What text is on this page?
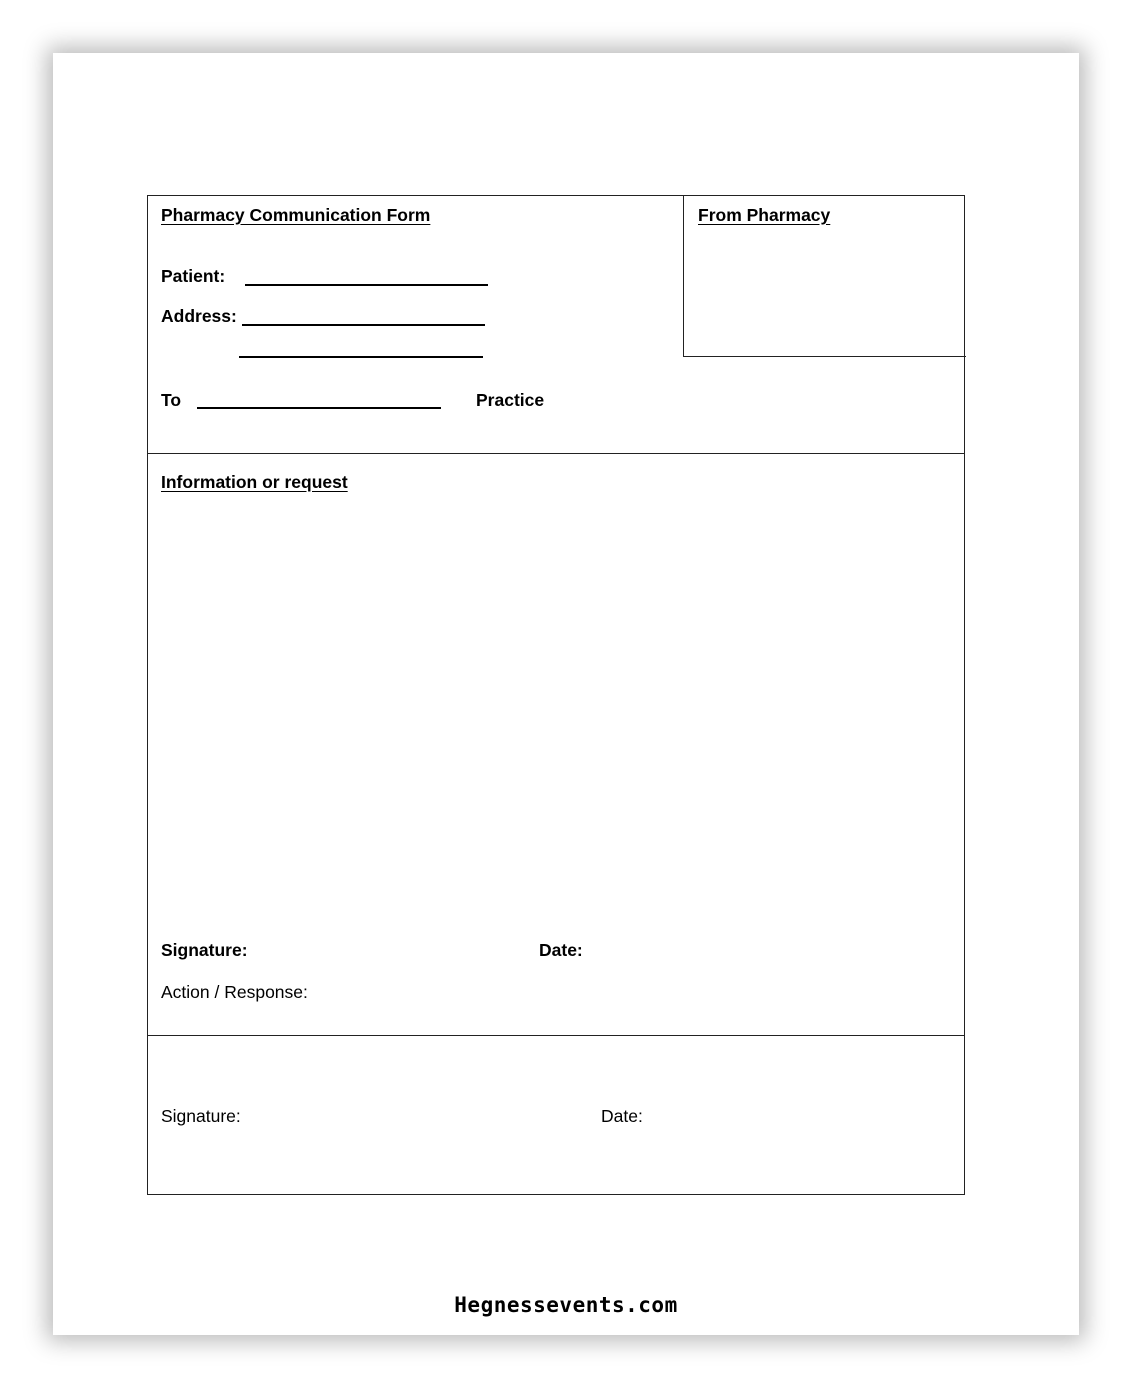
From Pharmacy
Pharmacy Communication Form
Patient:
Address:
To	Practice
Information or request
Signature:	Date:
Action / Response:
Signature:	Date:
Hegnessevents.com
